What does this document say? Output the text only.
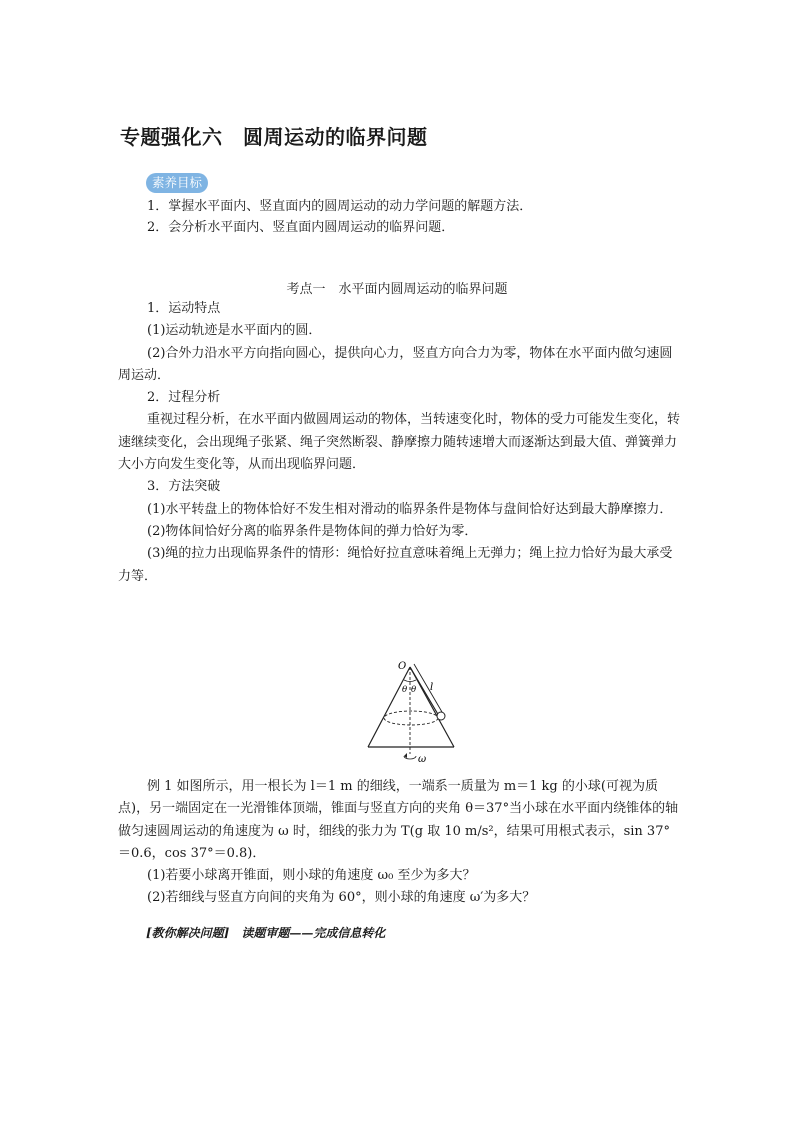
专题强化六　圆周运动的临界问题
素养目标
1．掌握水平面内、竖直面内的圆周运动的动力学问题的解题方法．
2．会分析水平面内、竖直面内圆周运动的临界问题．
考点一　水平面内圆周运动的临界问题

1．运动特点

(1)运动轨迹是水平面内的圆．

(2)合外力沿水平方向指向圆心，提供向心力，竖直方向合力为零，物体在水平面内做匀速圆周运动．

2．过程分析

重视过程分析，在水平面内做圆周运动的物体，当转速变化时，物体的受力可能发生变化，转速继续变化，会出现绳子张紧、绳子突然断裂、静摩擦力随转速增大而逐渐达到最大值、弹簧弹力大小方向发生变化等，从而出现临界问题．

3．方法突破

(1)水平转盘上的物体恰好不发生相对滑动的临界条件是物体与盘间恰好达到最大静摩擦力．

(2)物体间恰好分离的临界条件是物体间的弹力恰好为零．

(3)绳的拉力出现临界条件的情形：绳恰好拉直意味着绳上无弹力；绳上拉力恰好为最大承受力等．

O
θ θ l
ω

例 1 如图所示，用一根长为 l＝1 m 的细线，一端系一质量为 m＝1 kg 的小球(可视为质点)，另一端固定在一光滑锥体顶端，锥面与竖直方向的夹角 θ＝37°当小球在水平面内绕锥体的轴做匀速圆周运动的角速度为 ω 时，细线的张力为 T(g 取 10 m/s²，结果可用根式表示，sin 37°＝0.6，cos 37°＝0.8)．

(1)若要小球离开锥面，则小球的角速度 ω₀ 至少为多大？

(2)若细线与竖直方向间的夹角为 60°，则小球的角速度 ω′为多大？

[教你解决问题]　读题审题——完成信息转化
